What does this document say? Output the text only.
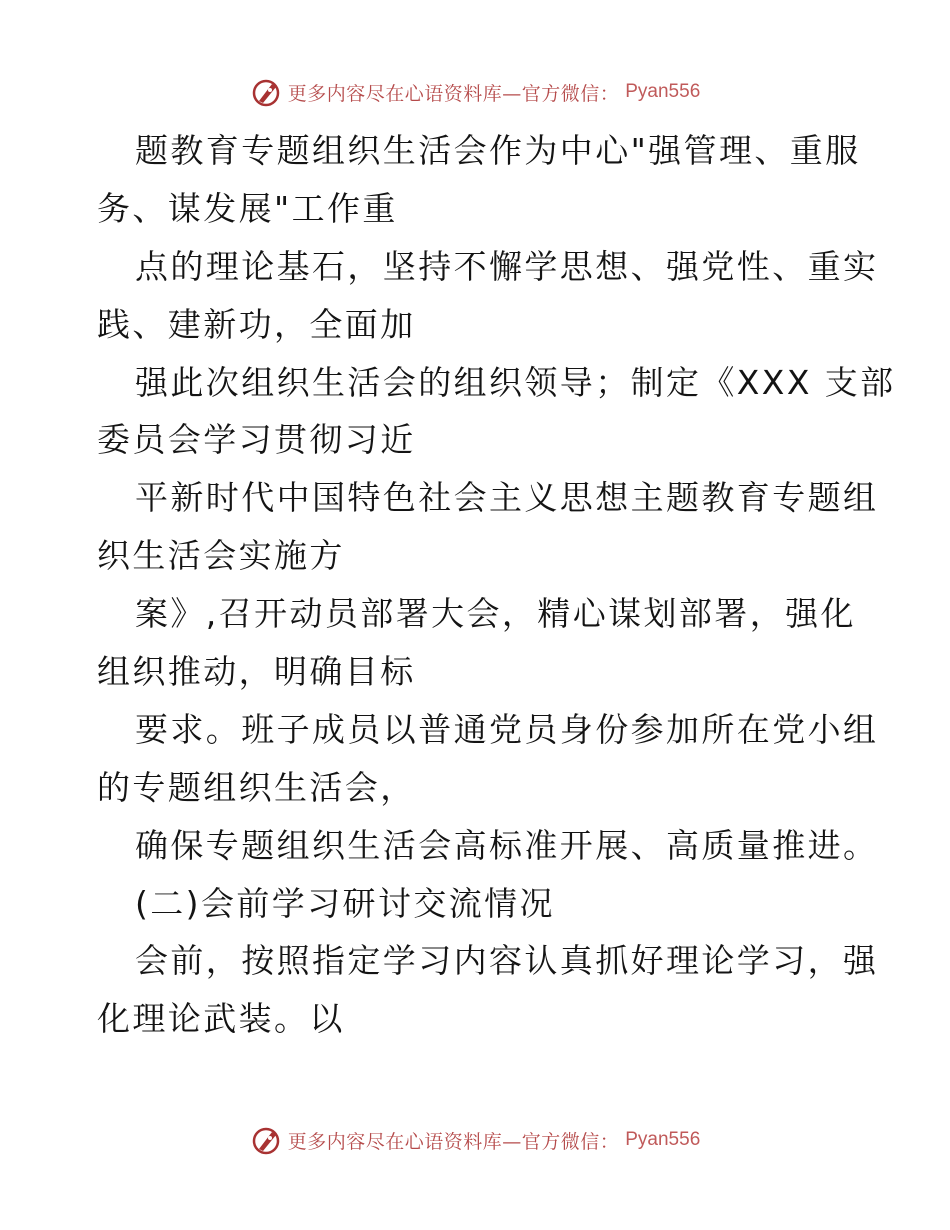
更多内容尽在心语资料库—官方微信： Pyan556
题教育专题组织生活会作为中心"强管理、重服
务、谋发展"工作重
点的理论基石，坚持不懈学思想、强党性、重实
践、建新功，全面加
强此次组织生活会的组织领导；制定《XXX 支部
委员会学习贯彻习近
平新时代中国特色社会主义思想主题教育专题组
织生活会实施方
案》,召开动员部署大会，精心谋划部署，强化
组织推动，明确目标
要求。班子成员以普通党员身份参加所在党小组
的专题组织生活会，
确保专题组织生活会高标准开展、高质量推进。
(二)会前学习研讨交流情况
会前，按照指定学习内容认真抓好理论学习，强
化理论武装。以
更多内容尽在心语资料库—官方微信： Pyan556
